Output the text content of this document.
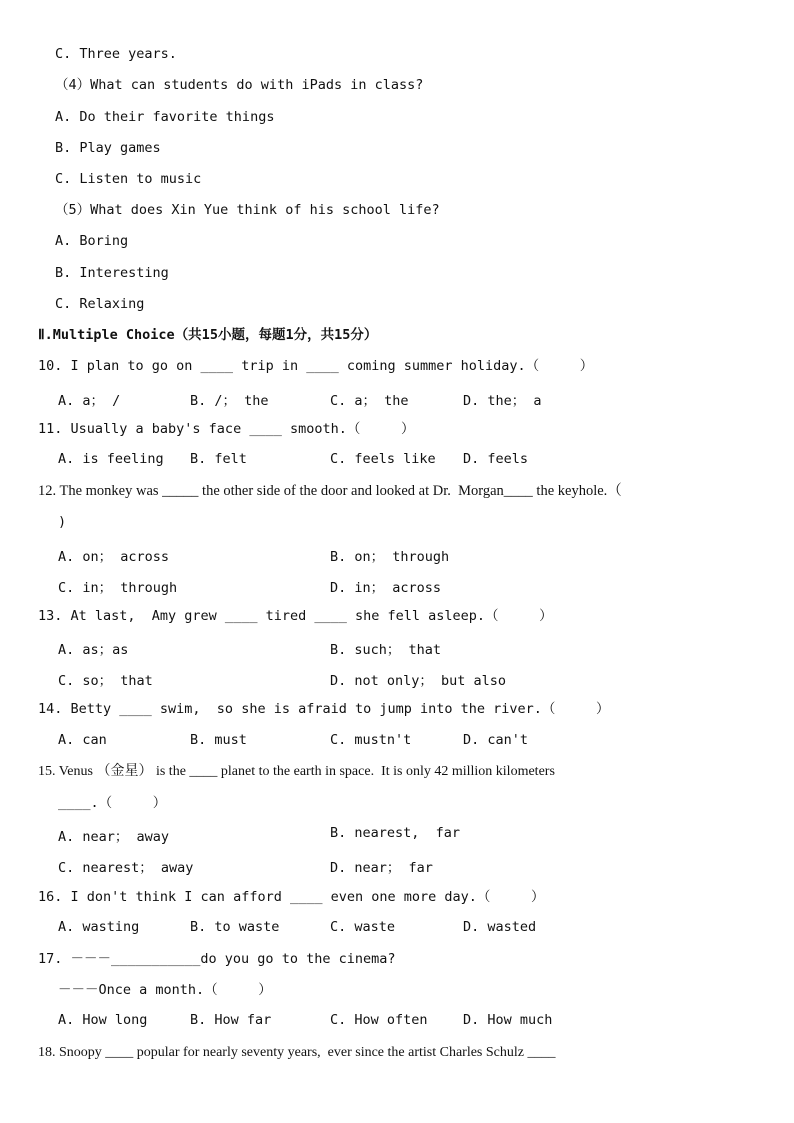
C. Three years.
（4）What can students do with iPads in class?
A. Do their favorite things
B. Play games
C. Listen to music
（5）What does Xin Yue think of his school life?
A. Boring
B. Interesting
C. Relaxing
Ⅱ.Multiple Choice（共15小题，每题1分，共15分）
10. I plan to go on ____ trip in ____ coming summer holiday.（     ）
A. a； /	B. /； the	C. a； the	D. the； a
11. Usually a baby's face ____ smooth.（     ）
A. is feeling B. felt	C. feels like D. feels
12. The monkey was _____ the other side of the door and looked at Dr.  Morgan____ the keyhole.（
)
A. on； across	B. on； through
C. in； through	D. in； across
13. At last,  Amy grew ____ tired ____ she fell asleep.（     ）
A. as；as	B. such； that
C. so； that	D. not only； but also
14. Betty ____ swim,  so she is afraid to jump into the river.（     ）
A. can	B. must	C. mustn't	D. can't
15. Venus （金星） is the ____ planet to the earth in space.  It is only 42 million kilometers
____.（     ）
A. near； away	B. nearest,  far
C. nearest； away	D. near； far
16. I don't think I can afford ____ even one more day.（     ）
A. wasting	B. to waste	C. waste	D. wasted
17. －－－___________do you go to the cinema?
－－－Once a month.（     ）
A. How long	B. How far	C. How often	D. How much
18. Snoopy ____ popular for nearly seventy years,  ever since the artist Charles Schulz ____
